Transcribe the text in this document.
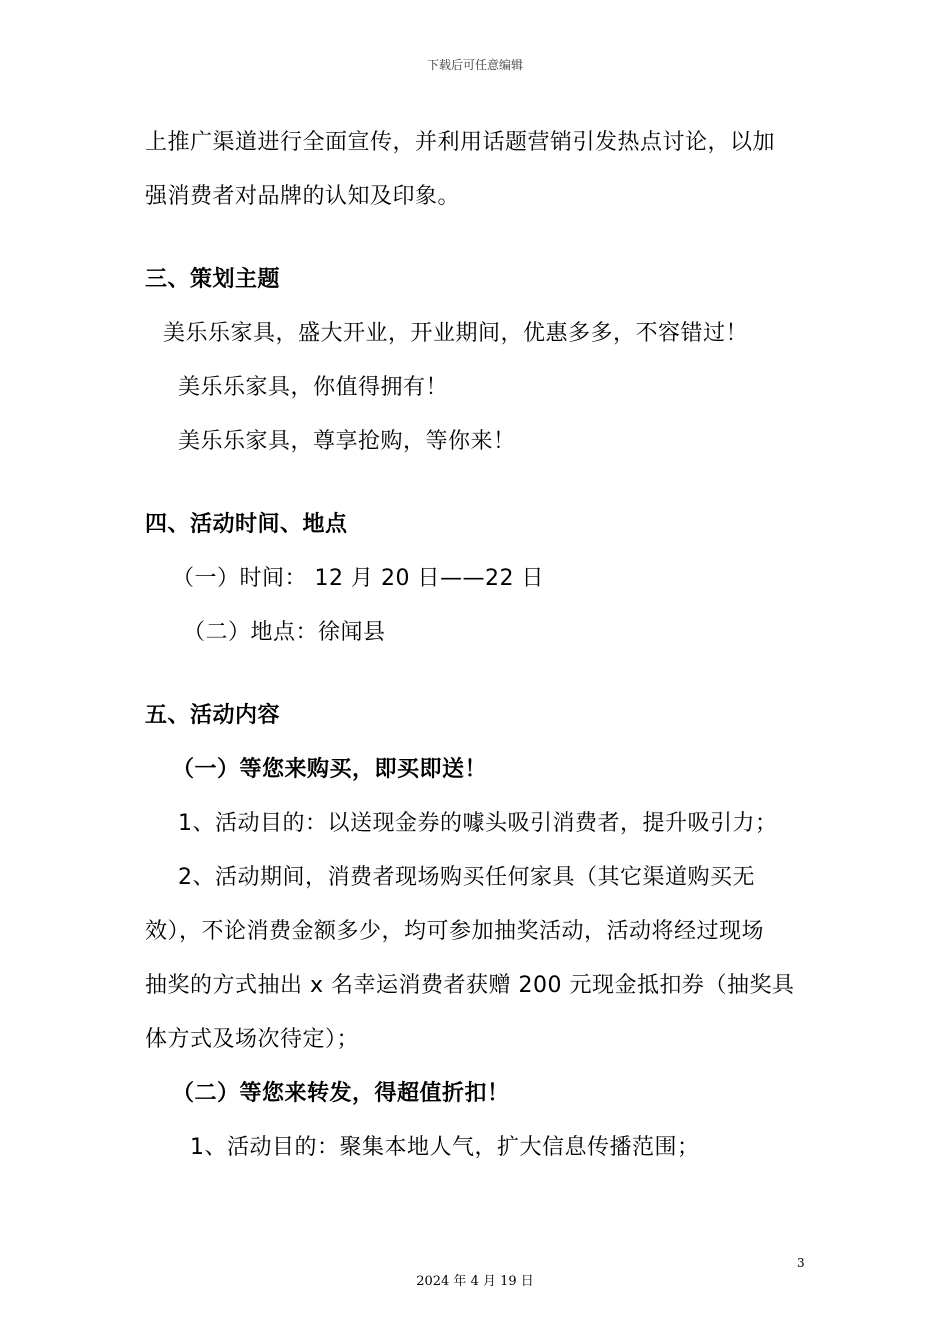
下载后可任意编辑
上推广渠道进行全面宣传，并利用话题营销引发热点讨论，以加
强消费者对品牌的认知及印象。
三、策划主题
美乐乐家具，盛大开业，开业期间，优惠多多，不容错过！
美乐乐家具，你值得拥有！
美乐乐家具，尊享抢购，等你来！
四、活动时间、地点
（一）时间： 12 月 20 日——22 日
（二）地点：徐闻县
五、活动内容
（一）等您来购买，即买即送！
1、活动目的：以送现金券的噱头吸引消费者，提升吸引力；
2、活动期间，消费者现场购买任何家具（其它渠道购买无
效），不论消费金额多少，均可参加抽奖活动，活动将经过现场
抽奖的方式抽出 x 名幸运消费者获赠 200 元现金抵扣券（抽奖具
体方式及场次待定）；
（二）等您来转发，得超值折扣！
1、活动目的：聚集本地人气，扩大信息传播范围；
3
2024 年 4 月 19 日
